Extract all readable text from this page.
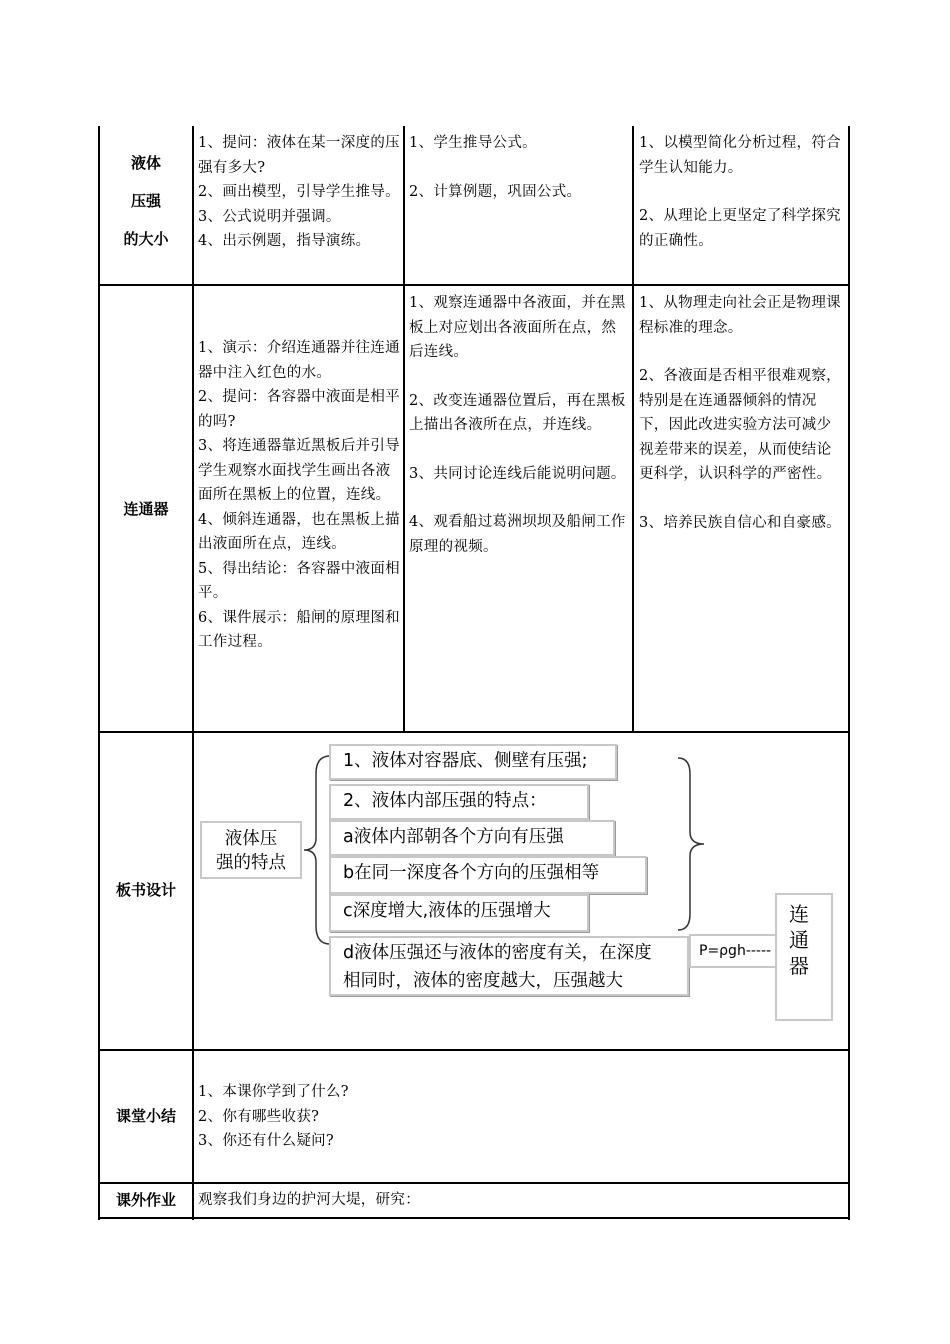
液体
压强
的大小

1、提问：液体在某一深度的压强有多大?

2、画出模型，引导学生推导。

3、公式说明并强调。

4、出示例题，指导演练。

1、学生推导公式。

2、计算例题，巩固公式。

1、以模型简化分析过程，符合学生认知能力。

2、从理论上更坚定了科学探究的正确性。

连通器

1、演示：介绍连通器并往连通器中注入红色的水。

2、提问：各容器中液面是相平的吗?

3、将连通器靠近黑板后并引导学生观察水面找学生画出各液面所在黑板上的位置，连线。

4、倾斜连通器，也在黑板上描出液面所在点，连线。

5、得出结论：各容器中液面相平。

6、课件展示：船闸的原理图和工作过程。

1、观察连通器中各液面，并在黑板上对应划出各液面所在点，然后连线。

2、改变连通器位置后，再在黑板上描出各液所在点，并连线。

3、共同讨论连线后能说明问题。

4、观看船过葛洲坝坝及船闸工作原理的视频。

1、从物理走向社会正是物理课程标准的理念。

2、各液面是否相平很难观察，特别是在连通器倾斜的情况下，因此改进实验方法可减少视差带来的误差，从而使结论更科学，认识科学的严密性。

3、培养民族自信心和自豪感。

板书设计
液体压
强的特点
1、液体对容器底、侧壁有压强;
2、液体内部压强的特点：
a液体内部朝各个方向有压强
b在同一深度各个方向的压强相等
c深度增大,液体的压强增大
d液体压强还与液体的密度有关，在深度
相同时，液体的密度越大，压强越大
P=ρgh-----
连
通
器
课堂小结

1、本课你学到了什么?

2、你有哪些收获?

3、你还有什么疑问?

课外作业	观察我们身边的护河大堤，研究：
